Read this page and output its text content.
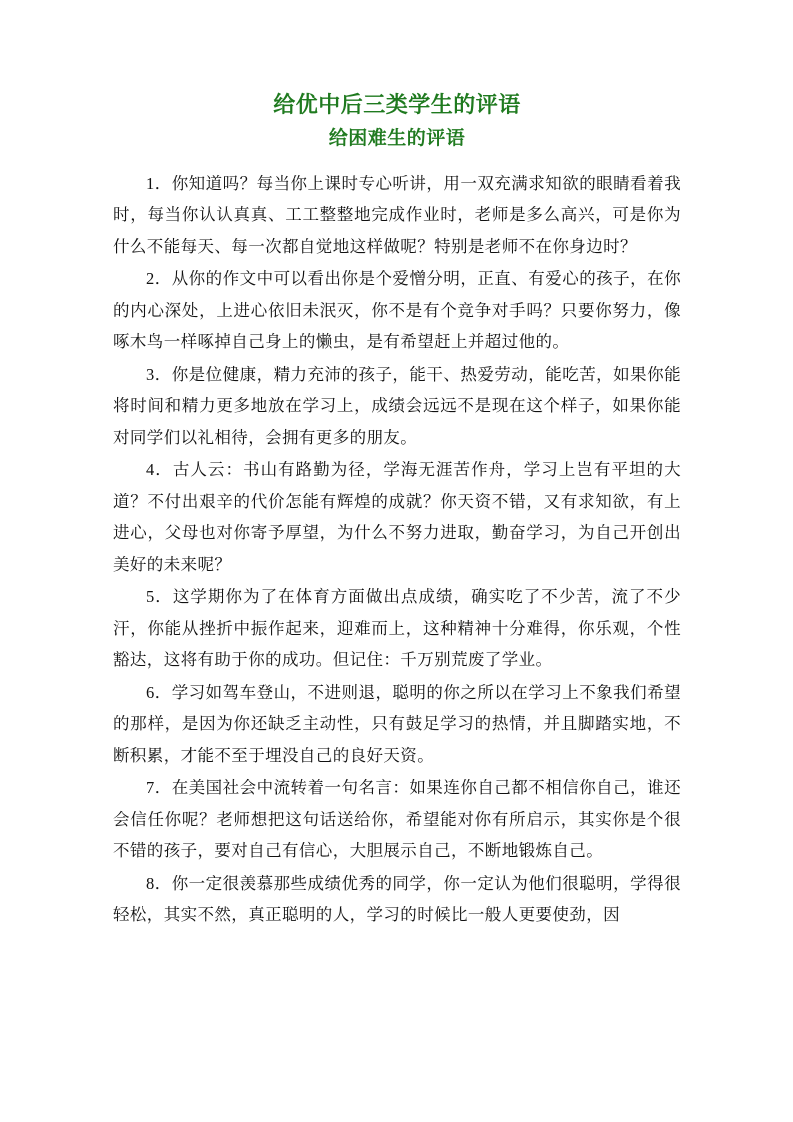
给优中后三类学生的评语
给困难生的评语

1．你知道吗？每当你上课时专心听讲，用一双充满求知欲的眼睛看着我时，每当你认认真真、工工整整地完成作业时，老师是多么高兴，可是你为什么不能每天、每一次都自觉地这样做呢？特别是老师不在你身边时？

2．从你的作文中可以看出你是个爱憎分明，正直、有爱心的孩子，在你的内心深处，上进心依旧未泯灭，你不是有个竞争对手吗？只要你努力，像啄木鸟一样啄掉自己身上的懒虫，是有希望赶上并超过他的。

3．你是位健康，精力充沛的孩子，能干、热爱劳动，能吃苦，如果你能将时间和精力更多地放在学习上，成绩会远远不是现在这个样子，如果你能对同学们以礼相待，会拥有更多的朋友。

4．古人云：书山有路勤为径，学海无涯苦作舟，学习上岂有平坦的大道？不付出艰辛的代价怎能有辉煌的成就？你天资不错，又有求知欲，有上进心，父母也对你寄予厚望，为什么不努力进取，勤奋学习，为自己开创出美好的未来呢？

5．这学期你为了在体育方面做出点成绩，确实吃了不少苦，流了不少汗，你能从挫折中振作起来，迎难而上，这种精神十分难得，你乐观，个性豁达，这将有助于你的成功。但记住：千万别荒废了学业。

6．学习如驾车登山，不进则退，聪明的你之所以在学习上不象我们希望的那样，是因为你还缺乏主动性，只有鼓足学习的热情，并且脚踏实地，不断积累，才能不至于埋没自己的良好天资。

7．在美国社会中流转着一句名言：如果连你自己都不相信你自己，谁还会信任你呢？老师想把这句话送给你，希望能对你有所启示，其实你是个很不错的孩子，要对自己有信心，大胆展示自己，不断地锻炼自己。

8．你一定很羡慕那些成绩优秀的同学，你一定认为他们很聪明，学得很轻松，其实不然，真正聪明的人，学习的时候比一般人更要使劲，因
